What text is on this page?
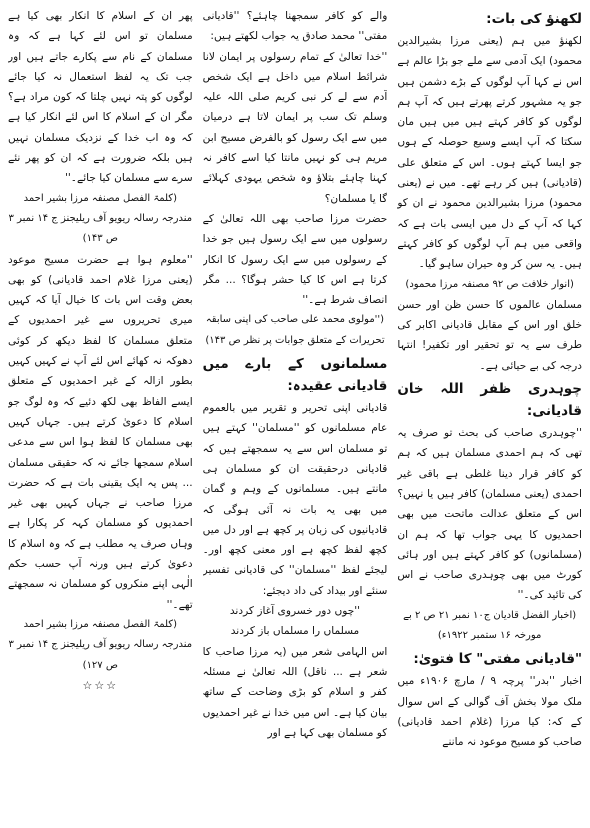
لکھنؤ کی بات:

لکھنؤ میں ہم (یعنی مرزا بشیرالدین محمود) ایک آدمی سے ملے جو بڑا عالم ہے اس نے کہا آپ لوگوں کے بڑے دشمن ہیں جو یہ مشہور کرتے پھرتے ہیں کہ آپ ہم لوگوں کو کافر کہتے ہیں میں ہیں مان سکتا کہ آپ ایسے وسیع حوصلہ کے ہوں جو ایسا کہتے ہوں۔ اس کے متعلق علی (قادیانی) ہیں کر رہے تھے۔ میں نے (یعنی محمود) مرزا بشیرالدین محمود نے ان کو کہا کہ آپ کے دل میں ایسی بات ہے کہ واقعی میں ہم آپ لوگوں کو کافر کہتے ہیں۔ یہ سن کر وہ حیران ساہو گیا۔

(انوار خلافت ص ۹۲ مصنفہ مرزا محمود)

مسلمان عالموں کا حسن ظن اور حسن خلق اور اس کے مقابل قادیانی اکابر کی طرف سے یہ تو تحقیر اور تکفیر! انتہا درجہ کی بے حیائی ہے۔

چوہدری ظفر اللہ خان قادیانی:

''چوہدری صاحب کی بحث تو صرف یہ تھی کہ ہم احمدی مسلمان ہیں کہ ہم کو کافر قرار دینا غلطی ہے باقی غیر احمدی (یعنی مسلمان) کافر ہیں یا نہیں؟ اس کے متعلق عدالت ماتحت میں بھی احمدیوں کا یہی جواب تھا کہ ہم ان (مسلمانوں) کو کافر کہتے ہیں اور ہائی کورٹ میں بھی چوہدری صاحب نے اس کی تائید کی۔''

(اخبار الفضل قادیان ج۱۰ نمبر ۲۱ ص ۲ بے مورخہ ۱۶ ستمبر ۱۹۲۲ء)

"قادیانی مفتی" کا فتویٰ:

اخبار ''بدر'' پرچہ ۹ / مارچ ۱۹۰۶ء میں ملک مولا بخش آف گوالی کے اس سوال کے کہ: کیا مرزا (غلام احمد قادیانی) صاحب کو مسیح موعود نہ ماننے

والے کو کافر سمجھنا چاہئے؟ ''قادیانی مفتی'' محمد صادق یہ جواب لکھتے ہیں:

''خدا تعالیٰ کے تمام رسولوں پر ایمان لانا شرائط اسلام میں داخل ہے ایک شخص آدم سے لے کر نبی کریم صلی اللہ علیہ وسلم تک سب پر ایمان لاتا ہے درمیان میں سے ایک رسول کو بالفرض مسیح ابن مریم ہی کو نہیں مانتا کیا اسے کافر نہ کہنا چاہئے بتلاؤ وہ شخص یہودی کہلائے گا یا مسلمان؟

حضرت مرزا صاحب بھی اللہ تعالیٰ کے رسولوں میں سے ایک رسول ہیں جو خدا کے رسولوں میں سے ایک رسول کا انکار کرتا ہے اس کا کیا حشر ہوگا؟ ... مگر انصاف شرط ہے۔''

(''مولوی محمد علی صاحب کی اپنی سابقہ تحریرات کے متعلق جوابات پر نظر ص ۱۴۳)

مسلمانوں کے بارے میں قادیانی عقیدہ:

قادیانی اپنی تحریر و تقریر میں بالعموم عام مسلمانوں کو ''مسلمان'' کہتے ہیں تو مسلمان اس سے یہ سمجھتے ہیں کہ قادیانی درحقیقت ان کو مسلمان ہی مانتے ہیں۔ مسلمانوں کے وہم و گمان میں بھی یہ بات نہ آئی ہوگی کہ قادیانیوں کی زبان پر کچھ ہے اور دل میں کچھ لفظ کچھ ہے اور معنی کچھ اور۔ لیجئے لفظ ''مسلمان'' کی قادیانی تفسیر سنئے اور بیداد کی داد دیجئے:

''چوں دور خسروی آغاز کردند

مسلماں را مسلماں باز کردند

اس الہامی شعر میں (یہ مرزا صاحب کا شعر ہے ... ناقل) اللہ تعالیٰ نے مسئلہ کفر و اسلام کو بڑی وضاحت کے ساتھ بیان کیا ہے۔ اس میں خدا نے غیر احمدیوں کو مسلمان بھی کہا ہے اور

پھر ان کے اسلام کا انکار بھی کیا ہے مسلمان تو اس لئے کہا ہے کہ وہ مسلمان کے نام سے پکارے جاتے ہیں اور جب تک یہ لفظ استعمال نہ کیا جائے لوگوں کو پتہ نہیں چلتا کہ کون مراد ہے؟ مگر ان کے اسلام کا اس لئے انکار کیا ہے کہ وہ اب خدا کے نزدیک مسلمان نہیں ہیں بلکہ ضرورت ہے کہ ان کو پھر نئے سرے سے مسلمان کیا جائے۔''

(کلمۃ الفصل مصنفہ مرزا بشیر احمد مندرجہ رسالہ ریویو آف ریلیجنز ج ۱۴ نمبر ۳ ص ۱۴۳)

''معلوم ہوا ہے حضرت مسیح موعود (یعنی مرزا غلام احمد قادیانی) کو بھی بعض وقت اس بات کا خیال آیا کہ کہیں میری تحریروں سے غیر احمدیوں کے متعلق مسلمان کا لفظ دیکھ کر کوئی دھوکہ نہ کھائے اس لئے آپ نے کہیں کہیں بطور ازالہ کے غیر احمدیوں کے متعلق ایسے الفاظ بھی لکھ دئیے کہ وہ لوگ جو اسلام کا دعویٰ کرتے ہیں۔ جہاں کہیں بھی مسلمان کا لفظ ہوا اس سے مدعی اسلام سمجھا جائے نہ کہ حقیقی مسلمان ... پس یہ ایک یقینی بات ہے کہ حضرت مرزا صاحب نے جہاں کہیں بھی غیر احمدیوں کو مسلمان کہہ کر پکارا ہے وہاں صرف یہ مطلب ہے کہ وہ اسلام کا دعویٰ کرتے ہیں ورنہ آپ حسب حکم الٰہی اپنے منکروں کو مسلمان نہ سمجھتے تھے۔''

(کلمۃ الفصل مصنفہ مرزا بشیر احمد مندرجہ رسالہ ریویو آف ریلیجنز ج ۱۴ نمبر ۳ ص ۱۲۷)

☆☆☆
